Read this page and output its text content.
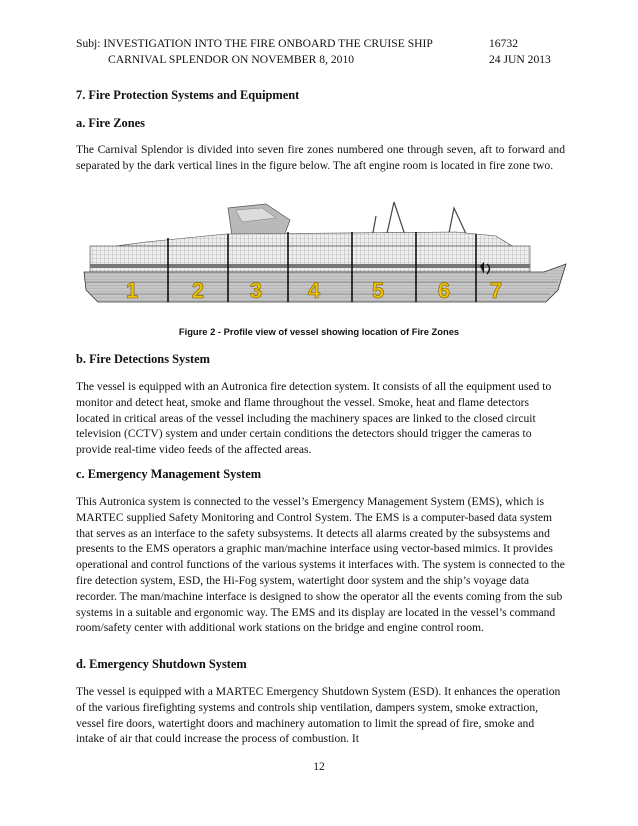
Subj: INVESTIGATION INTO THE FIRE ONBOARD THE CRUISE SHIP
CARNIVAL SPLENDOR ON NOVEMBER 8, 2010
16732
24 JUN 2013
7. Fire Protection Systems and Equipment
a. Fire Zones
The Carnival Splendor is divided into seven fire zones numbered one through seven, aft to forward and separated by the dark vertical lines in the figure below. The aft engine room is located in fire zone two.
1 2 3 4 5 6 7
Figure 2 - Profile view of vessel showing location of Fire Zones
b. Fire Detections System
The vessel is equipped with an Autronica fire detection system. It consists of all the equipment used to monitor and detect heat, smoke and flame throughout the vessel. Smoke, heat and flame detectors located in critical areas of the vessel including the machinery spaces are linked to the closed circuit television (CCTV) system and under certain conditions the detectors should trigger the cameras to provide real-time video feeds of the affected areas.
c. Emergency Management System
This Autronica system is connected to the vessel’s Emergency Management System (EMS), which is MARTEC supplied Safety Monitoring and Control System. The EMS is a computer-based data system that serves as an interface to the safety subsystems. It detects all alarms created by the subsystems and presents to the EMS operators a graphic man/machine interface using vector-based mimics. It provides operational and control functions of the various systems it interfaces with. The system is connected to the fire detection system, ESD, the Hi-Fog system, watertight door system and the ship’s voyage data recorder. The man/machine interface is designed to show the operator all the events coming from the sub systems in a suitable and ergonomic way. The EMS and its display are located in the vessel’s command room/safety center with additional work stations on the bridge and engine control room.
d. Emergency Shutdown System
The vessel is equipped with a MARTEC Emergency Shutdown System (ESD). It enhances the operation of the various firefighting systems and controls ship ventilation, dampers system, smoke extraction, vessel fire doors, watertight doors and machinery automation to limit the spread of fire, smoke and intake of air that could increase the process of combustion. It
12
